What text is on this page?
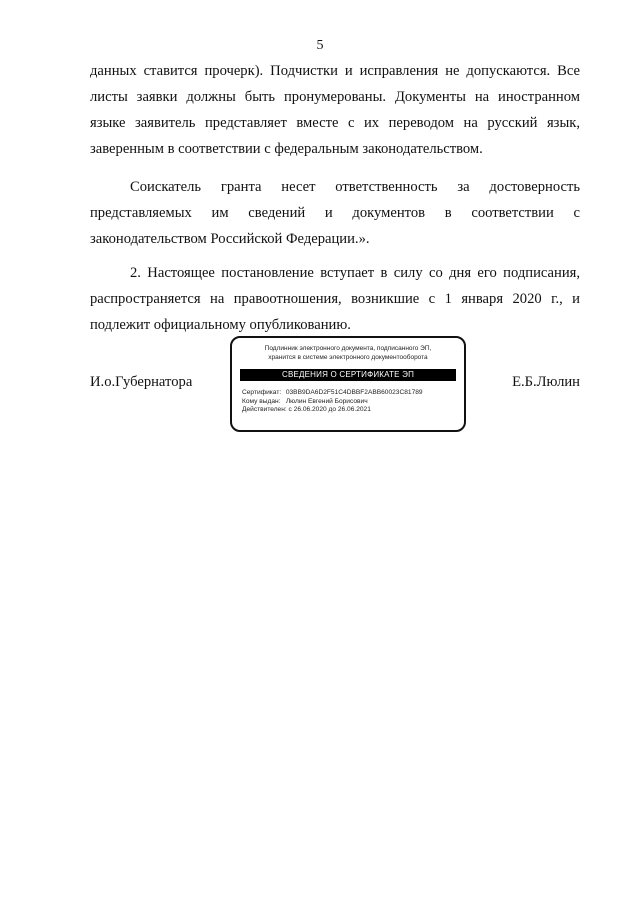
5

данных ставится прочерк). Подчистки и исправления не допускаются. Все листы заявки должны быть пронумерованы. Документы на иностранном языке заявитель представляет вместе с их переводом на русский язык, заверенным в соответствии с федеральным законодательством.

Соискатель гранта несет ответственность за достоверность представляемых им сведений и документов в соответствии с законодательством Российской Федерации.».

2. Настоящее постановление вступает в силу со дня его подписания, распространяется на правоотношения, возникшие с 1 января 2020 г., и подлежит официальному опубликованию.

И.о.Губернатора
Подлинник электронного документа, подписанного ЭП,
хранится в системе электронного документооборота
СВЕДЕНИЯ О СЕРТИФИКАТЕ ЭП
Сертификат: 03BB9DA6D2F51C4DBBF2ABB60023C81789
Кому выдан: Люлин Евгений Борисович
Действителен: с 26.06.2020 до 26.06.2021
Е.Б.Люлин
